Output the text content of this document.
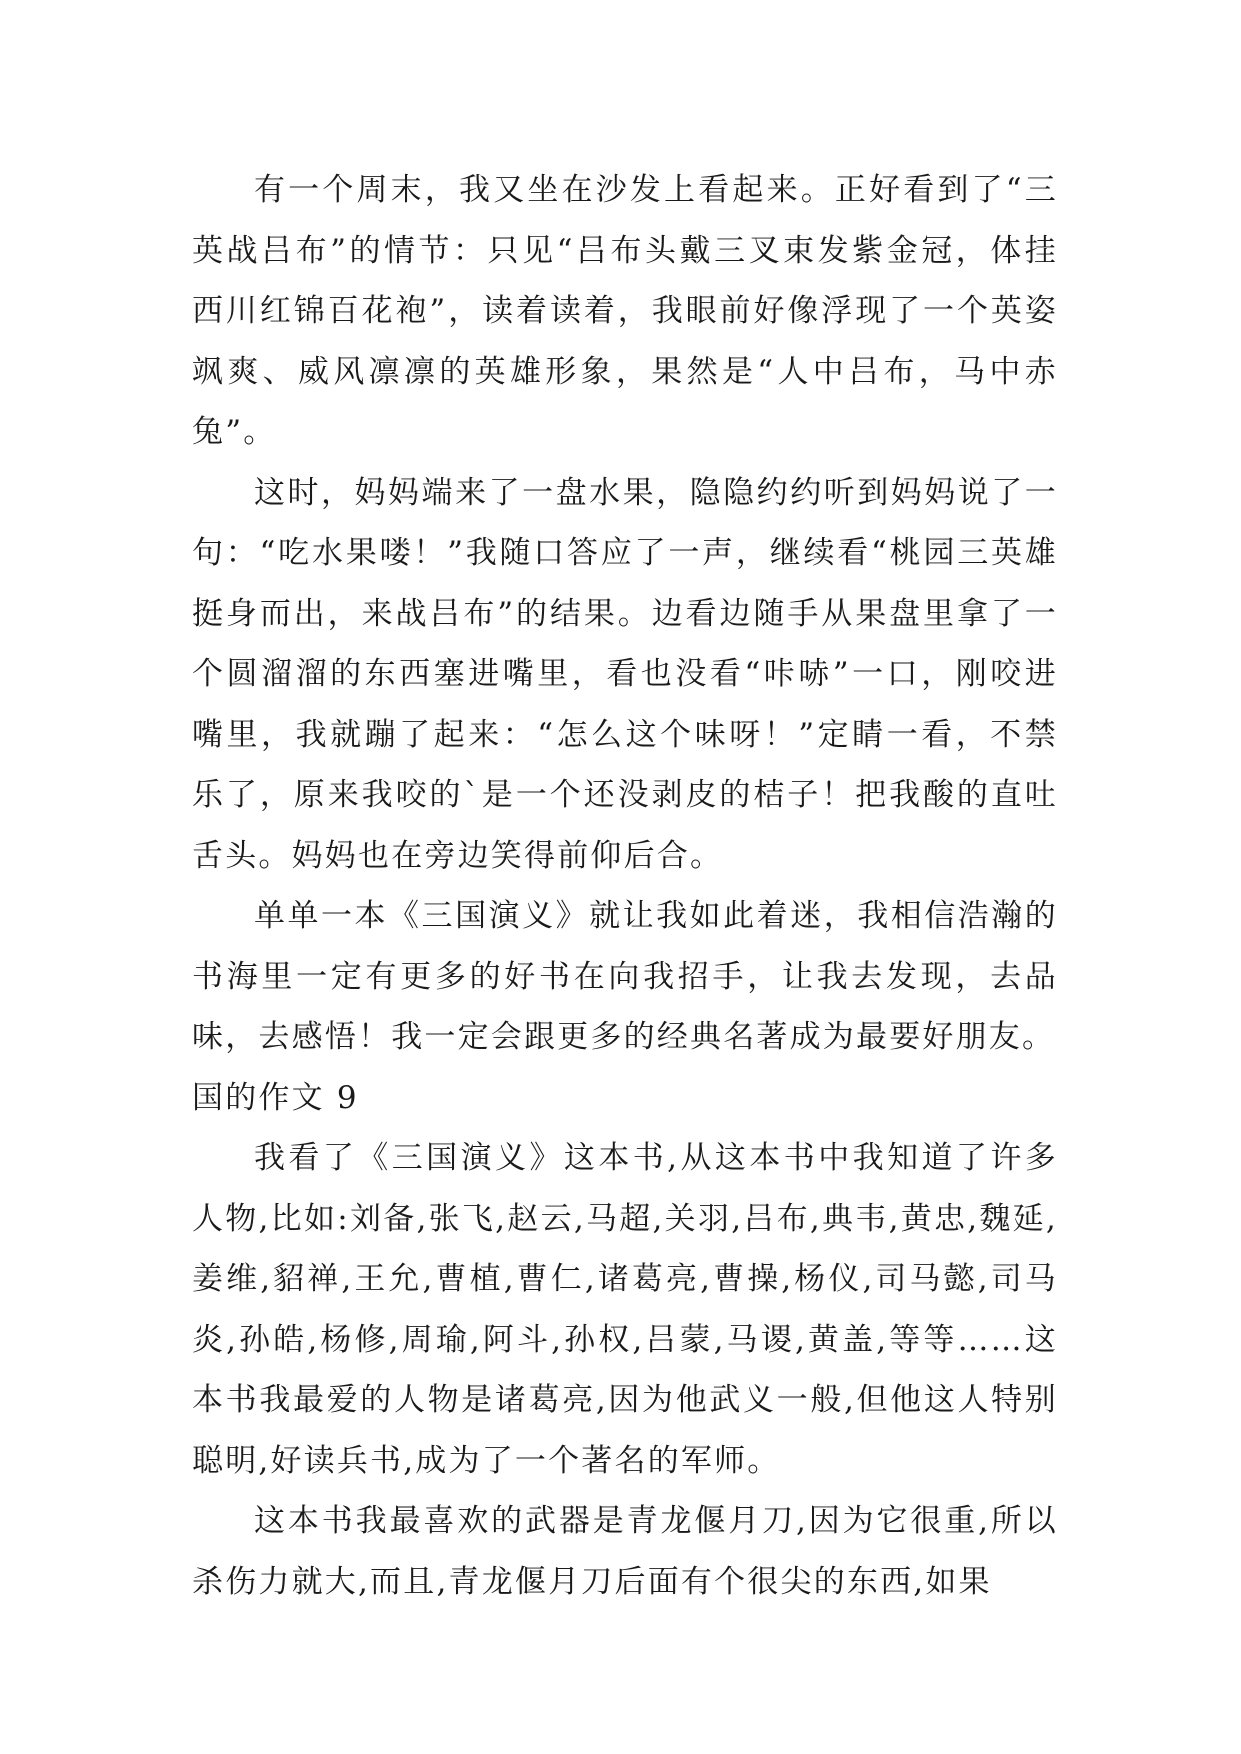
有一个周末，我又坐在沙发上看起来。正好看到了“三英战吕布”的情节：只见“吕布头戴三叉束发紫金冠，体挂西川红锦百花袍”，读着读着，我眼前好像浮现了一个英姿飒爽、威风凛凛的英雄形象，果然是“人中吕布，马中赤兔”。

这时，妈妈端来了一盘水果，隐隐约约听到妈妈说了一句：“吃水果喽！”我随口答应了一声，继续看“桃园三英雄挺身而出，来战吕布”的结果。边看边随手从果盘里拿了一个圆溜溜的东西塞进嘴里，看也没看“咔哧”一口，刚咬进嘴里，我就蹦了起来：“怎么这个味呀！”定睛一看，不禁乐了，原来我咬的`是一个还没剥皮的桔子！把我酸的直吐舌头。妈妈也在旁边笑得前仰后合。

单单一本《三国演义》就让我如此着迷，我相信浩瀚的书海里一定有更多的好书在向我招手，让我去发现，去品味，去感悟！我一定会跟更多的经典名著成为最要好朋友。

国的作文 9

我看了《三国演义》这本书,从这本书中我知道了许多人物,比如:刘备,张飞,赵云,马超,关羽,吕布,典韦,黄忠,魏延,姜维,貂禅,王允,曹植,曹仁,诸葛亮,曹操,杨仪,司马懿,司马炎,孙皓,杨修,周瑜,阿斗,孙权,吕蒙,马谡,黄盖,等等……这本书我最爱的人物是诸葛亮,因为他武义一般,但他这人特别聪明,好读兵书,成为了一个著名的军师。

这本书我最喜欢的武器是青龙偃月刀,因为它很重,所以杀伤力就大,而且,青龙偃月刀后面有个很尖的东西,如果
